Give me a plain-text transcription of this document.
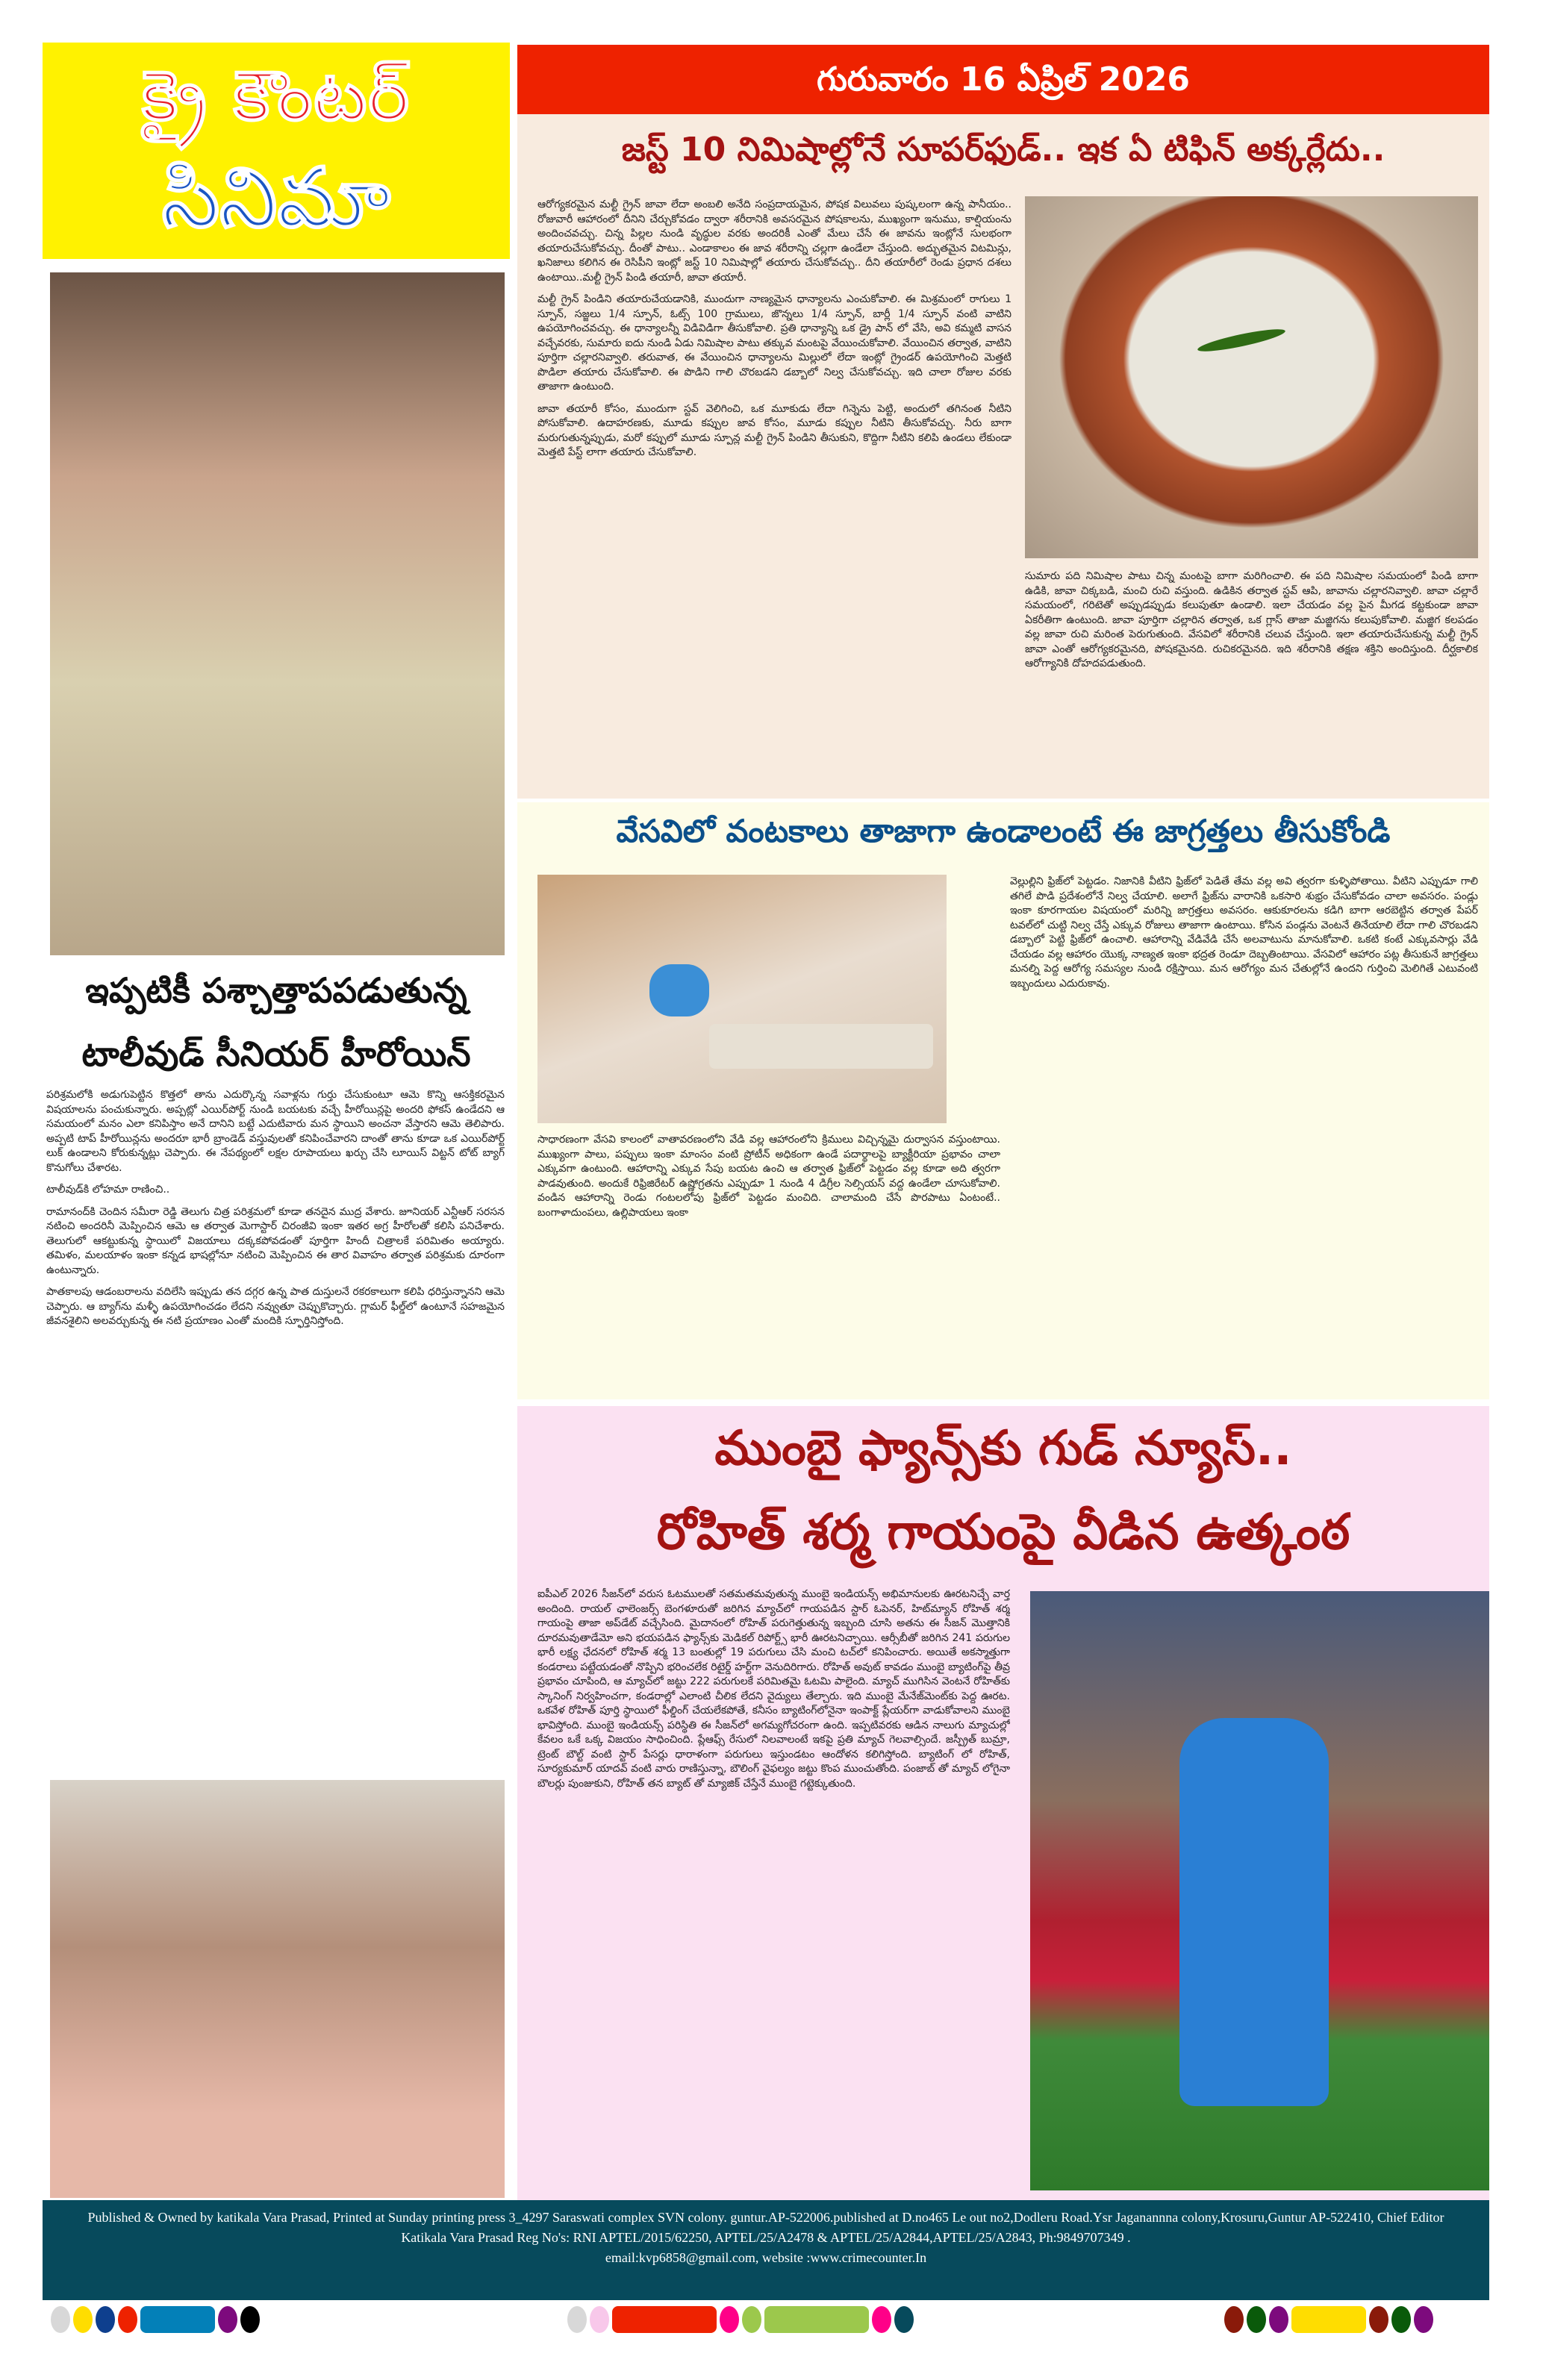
క్రై కౌంటర్
సినిమా
గురువారం 16 ఏప్రిల్ 2026
జస్ట్ 10 నిమిషాల్లోనే సూపర్‌ఫుడ్.. ఇక ఏ టిఫిన్ అక్కర్లేదు..

ఆరోగ్యకరమైన మల్టీ గ్రైన్ జావా లేదా అంబలి అనేది సంప్రదాయమైన, పోషక విలువలు పుష్కలంగా ఉన్న పానీయం.. రోజువారీ ఆహారంలో దీనిని చేర్చుకోవడం ద్వారా శరీరానికి అవసరమైన పోషకాలను, ముఖ్యంగా ఇనుము, కాల్షియంను అందించవచ్చు. చిన్న పిల్లల నుండి వృద్ధుల వరకు అందరికీ ఎంతో మేలు చేసే ఈ జావను ఇంట్లోనే సులభంగా తయారుచేసుకోవచ్చు. దీంతో పాటు.. ఎండాకాలం ఈ జావ శరీరాన్ని చల్లగా ఉండేలా చేస్తుంది. అద్భుతమైన విటమిన్లు, ఖనిజాలు కలిగిన ఈ రెసిపీని ఇంట్లో జస్ట్ 10 నిమిషాల్లో తయారు చేసుకోవచ్చు.. దీని తయారీలో రెండు ప్రధాన దశలు ఉంటాయి..మల్టీ గ్రైన్ పిండి తయారీ, జావా తయారీ.

మల్టీ గ్రైన్ పిండిని తయారుచేయడానికి, ముందుగా నాణ్యమైన ధాన్యాలను ఎంచుకోవాలి. ఈ మిశ్రమంలో రాగులు 1 స్పూన్, సజ్జలు 1/4 స్పూన్, ఓట్స్ 100 గ్రాములు, జొన్నలు 1/4 స్పూన్, బార్లీ 1/4 స్పూన్ వంటి వాటిని ఉపయోగించవచ్చు. ఈ ధాన్యాలన్నీ విడివిడిగా తీసుకోవాలి. ప్రతి ధాన్యాన్ని ఒక డ్రై పాన్ లో వేసి, అవి కమ్మటి వాసన వచ్చేవరకు, సుమారు ఐదు నుండి ఏడు నిమిషాల పాటు తక్కువ మంటపై వేయించుకోవాలి. వేయించిన తర్వాత, వాటిని పూర్తిగా చల్లారనివ్వాలి. తరువాత, ఈ వేయించిన ధాన్యాలను మిల్లులో లేదా ఇంట్లో గ్రైండర్ ఉపయోగించి మెత్తటి పొడిలా తయారు చేసుకోవాలి. ఈ పొడిని గాలి చొరబడని డబ్బాలో నిల్వ చేసుకోవచ్చు. ఇది చాలా రోజుల వరకు తాజాగా ఉంటుంది.

జావా తయారీ కోసం, ముందుగా స్టవ్ వెలిగించి, ఒక మూకుడు లేదా గిన్నెను పెట్టి, అందులో తగినంత నీటిని పోసుకోవాలి. ఉదాహరణకు, మూడు కప్పుల జావ కోసం, మూడు కప్పుల నీటిని తీసుకోవచ్చు. నీరు బాగా మరుగుతున్నప్పుడు, మరో కప్పులో మూడు స్పూన్ల మల్టీ గ్రైన్ పిండిని తీసుకుని, కొద్దిగా నీటిని కలిపి ఉండలు లేకుండా మెత్తటి పేస్ట్ లాగా తయారు చేసుకోవాలి.

సుమారు పది నిమిషాల పాటు చిన్న మంటపై బాగా మరిగించాలి. ఈ పది నిమిషాల సమయంలో పిండి బాగా ఉడికి, జావా చిక్కబడి, మంచి రుచి వస్తుంది. ఉడికిన తర్వాత స్టవ్ ఆపి, జావాను చల్లారనివ్వాలి. జావా చల్లారే సమయంలో, గరిటెతో అప్పుడప్పుడు కలుపుతూ ఉండాలి. ఇలా చేయడం వల్ల పైన మీగడ కట్టకుండా జావా ఏకరీతిగా ఉంటుంది. జావా పూర్తిగా చల్లారిన తర్వాత, ఒక గ్లాస్ తాజా మజ్జిగను కలుపుకోవాలి. మజ్జిగ కలపడం వల్ల జావా రుచి మరింత పెరుగుతుంది. వేసవిలో శరీరానికి చలువ చేస్తుంది. ఇలా తయారుచేసుకున్న మల్టీ గ్రైన్ జావా ఎంతో ఆరోగ్యకరమైనది, పోషకమైనది. రుచికరమైనది. ఇది శరీరానికి తక్షణ శక్తిని అందిస్తుంది. దీర్ఘకాలిక ఆరోగ్యానికి దోహదపడుతుంది.
వేసవిలో వంటకాలు తాజాగా ఉండాలంటే ఈ జాగ్రత్తలు తీసుకోండి
సాధారణంగా వేసవి కాలంలో వాతావరణంలోని వేడి వల్ల ఆహారంలోని క్రిములు విచ్చిన్నమై దుర్వాసన వస్తుంటాయి. ముఖ్యంగా పాలు, పప్పులు ఇంకా మాంసం వంటి ప్రోటీన్ అధికంగా ఉండే పదార్థాలపై బ్యాక్టీరియా ప్రభావం చాలా ఎక్కువగా ఉంటుంది. ఆహారాన్ని ఎక్కువ సేపు బయట ఉంచి ఆ తర్వాత ఫ్రిజ్‌లో పెట్టడం వల్ల కూడా అది త్వరగా పాడవుతుంది. అందుకే రిఫ్రిజిరేటర్ ఉష్ణోగ్రతను ఎప్పుడూ 1 నుండి 4 డిగ్రీల సెల్సియస్ వద్ద ఉండేలా చూసుకోవాలి. వండిన ఆహారాన్ని రెండు గంటలలోపు ఫ్రిజ్‌లో పెట్టడం మంచిది. చాలామంది చేసే పొరపాటు ఏంటంటే.. బంగాళాదుంపలు, ఉల్లిపాయలు ఇంకా
వెల్లుల్లిని ఫ్రిజ్‌లో పెట్టడం. నిజానికి వీటిని ఫ్రిజ్‌లో పెడితే తేమ వల్ల అవి త్వరగా కుళ్ళిపోతాయి. వీటిని ఎప్పుడూ గాలి తగిలే పొడి ప్రదేశంలోనే నిల్వ చేయాలి. అలాగే ఫ్రిజ్‌ను వారానికి ఒకసారి శుభ్రం చేసుకోవడం చాలా అవసరం. పండ్లు ఇంకా కూరగాయల విషయంలో మరిన్ని జాగ్రత్తలు అవసరం. ఆకుకూరలను కడిగి బాగా ఆరబెట్టిన తర్వాత పేపర్ టవల్‌లో చుట్టి నిల్వ చేస్తే ఎక్కువ రోజులు తాజాగా ఉంటాయి. కోసిన పండ్లను వెంటనే తినేయాలి లేదా గాలి చొరబడని డబ్బాలో పెట్టి ఫ్రిజ్‌లో ఉంచాలి. ఆహారాన్ని వేడివేడి చేసే అలవాటును మానుకోవాలి. ఒకటి కంటే ఎక్కువసార్లు వేడి చేయడం వల్ల ఆహారం యొక్క నాణ్యత ఇంకా భద్రత రెండూ దెబ్బతింటాయి. వేసవిలో ఆహారం పట్ల తీసుకునే జాగ్రత్తలు మనల్ని పెద్ద ఆరోగ్య సమస్యల నుండి రక్షిస్తాయి. మన ఆరోగ్యం మన చేతుల్లోనే ఉందని గుర్తించి మెలిగితే ఎటువంటి ఇబ్బందులు ఎదురుకావు.
ముంబై ఫ్యాన్స్‌కు గుడ్ న్యూస్..
రోహిత్ శర్మ గాయంపై వీడిన ఉత్కంఠ
ఐపీఎల్ 2026 సీజన్‌లో వరుస ఓటములతో సతమతమవుతున్న ముంబై ఇండియన్స్ అభిమానులకు ఊరటనిచ్చే వార్త అందింది. రాయల్ ఛాలెంజర్స్ బెంగళూరుతో జరిగిన మ్యాచ్‌లో గాయపడిన స్టార్ ఓపెనర్, హిట్‌మ్యాన్ రోహిత్ శర్మ గాయంపై తాజా అప్‌డేట్ వచ్చేసింది. మైదానంలో రోహిత్ పరుగెత్తుతున్న ఇబ్బంది చూసి అతను ఈ సీజన్ మొత్తానికి దూరమవుతాడేమో అని భయపడిన ఫ్యాన్స్‌కు మెడికల్ రిపోర్ట్స్ భారీ ఊరటనిచ్చాయి. ఆర్సీబీతో జరిగిన 241 పరుగుల భారీ లక్ష్య ఛేదనలో రోహిత్ శర్మ 13 బంతుల్లో 19 పరుగులు చేసి మంచి టచ్‌లో కనిపించారు. అయితే అకస్మాత్తుగా కండరాలు పట్టేయడంతో నొప్పిని భరించలేక రిటైర్డ్ హర్ట్‌గా వెనుదిరిగారు. రోహిత్ అవుట్ కావడం ముంబై బ్యాటింగ్‌పై తీవ్ర ప్రభావం చూపింది, ఆ మ్యాచ్‌లో జట్టు 222 పరుగులకే పరిమితమై ఓటమి పాలైంది. మ్యాచ్ ముగిసిన వెంటనే రోహిత్‌కు స్కానింగ్ నిర్వహించగా, కండరాల్లో ఎలాంటి చీలిక లేదని వైద్యులు తేల్చారు. ఇది ముంబై మేనేజ్‌మెంట్‌కు పెద్ద ఊరట. ఒకవేళ రోహిత్ పూర్తి స్థాయిలో ఫీల్డింగ్ చేయలేకపోతే, కనీసం బ్యాటింగ్‌లోనైనా ఇంపాక్ట్ ప్లేయర్‌గా వాడుకోవాలని ముంబై భావిస్తోంది. ముంబై ఇండియన్స్ పరిస్థితి ఈ సీజన్‌లో అగమ్యగోచరంగా ఉంది. ఇప్పటివరకు ఆడిన నాలుగు మ్యాచుల్లో కేవలం ఒకే ఒక్క విజయం సాధించింది. ప్లేఆఫ్స్ రేసులో నిలవాలంటే ఇకపై ప్రతి మ్యాచ్ గెలవాల్సిందే. జస్ప్రీత్ బుమ్రా, ట్రెంట్ బౌల్ట్ వంటి స్టార్ పేసర్లు ధారాళంగా పరుగులు ఇస్తుండటం ఆందోళన కలిగిస్తోంది. బ్యాటింగ్ లో రోహిత్, సూర్యకుమార్ యాదవ్ వంటి వారు రాణిస్తున్నా, బౌలింగ్ వైఫల్యం జట్టు కొంప ముంచుతోంది. పంజాబ్ తో మ్యాచ్ లోగైనా బౌలర్లు పుంజుకుని, రోహిత్ తన బ్యాట్ తో మ్యాజిక్ చేస్తేనే ముంబై గట్టెక్కుతుంది.
ఇప్పటికీ పశ్చాత్తాపపడుతున్న
టాలీవుడ్ సీనియర్ హీరోయిన్

పరిశ్రమలోకి అడుగుపెట్టిన కొత్తలో తాను ఎదుర్కొన్న సవాళ్లను గుర్తు చేసుకుంటూ ఆమె కొన్ని ఆసక్తికరమైన విషయాలను పంచుకున్నారు. అప్పట్లో ఎయిర్‌పోర్ట్ నుండి బయటకు వచ్చే హీరోయిన్లపై అందరి ఫోకస్ ఉండేదని ఆ సమయంలో మనం ఎలా కనిపిస్తాం అనే దానిని బట్టే ఎదుటివారు మన స్థాయిని అంచనా వేస్తారని ఆమె తెలిపారు. అప్పటి టాప్ హీరోయిన్లను అందరూ భారీ బ్రాండెడ్ వస్తువులతో కనిపించేవారని దాంతో తాను కూడా ఒక ఎయిర్‌పోర్ట్ లుక్ ఉండాలని కోరుకున్నట్లు చెప్పారు. ఈ నేపథ్యంలో లక్షల రూపాయలు ఖర్చు చేసి లూయిస్ విట్టన్ టోట్ బ్యాగ్ కొనుగోలు చేశారట.

టాలీవుడ్‌కి లోహమా రాణించి..

రామానంద్‌కి చెందిన సమీరా రెడ్డి తెలుగు చిత్ర పరిశ్రమలో కూడా తనదైన ముద్ర వేశారు. జూనియర్ ఎన్టీఆర్ సరసన నటించి అందరినీ మెప్పించిన ఆమె ఆ తర్వాత మెగాస్టార్ చిరంజీవి ఇంకా ఇతర అగ్ర హీరోలతో కలిసి పనిచేశారు. తెలుగులో ఆకట్టుకున్న స్థాయిలో విజయాలు దక్కకపోవడంతో పూర్తిగా హిందీ చిత్రాలకే పరిమితం అయ్యారు. తమిళం, మలయాళం ఇంకా కన్నడ భాషల్లోనూ నటించి మెప్పించిన ఈ తార వివాహం తర్వాత పరిశ్రమకు దూరంగా ఉంటున్నారు.

పాతకాలపు ఆడంబరాలను వదిలేసి ఇప్పుడు తన దగ్గర ఉన్న పాత దుస్తులనే రకరకాలుగా కలిపి ధరిస్తున్నానని ఆమె చెప్పారు. ఆ బ్యాగ్‌ను మళ్ళీ ఉపయోగించడం లేదని నవ్వుతూ చెప్పుకొచ్చారు. గ్లామర్ ఫీల్డ్‌లో ఉంటూనే సహజమైన జీవనశైలిని అలవర్చుకున్న ఈ నటి ప్రయాణం ఎంతో మందికి స్ఫూర్తినిస్తోంది.

Published & Owned by katikala Vara Prasad, Printed at Sunday printing press 3_4297 Saraswati complex SVN colony. guntur.AP-522006.published at D.no465 Le out no2,Dodleru Road.Ysr Jaganannna colony,Krosuru,Guntur AP-522410, Chief Editor Katikala Vara Prasad Reg No's: RNI APTEL/2015/62250, APTEL/25/A2478 & APTEL/25/A2844,APTEL/25/A2843, Ph:9849707349 .
email:kvp6858@gmail.com, website :www.crimecounter.In
